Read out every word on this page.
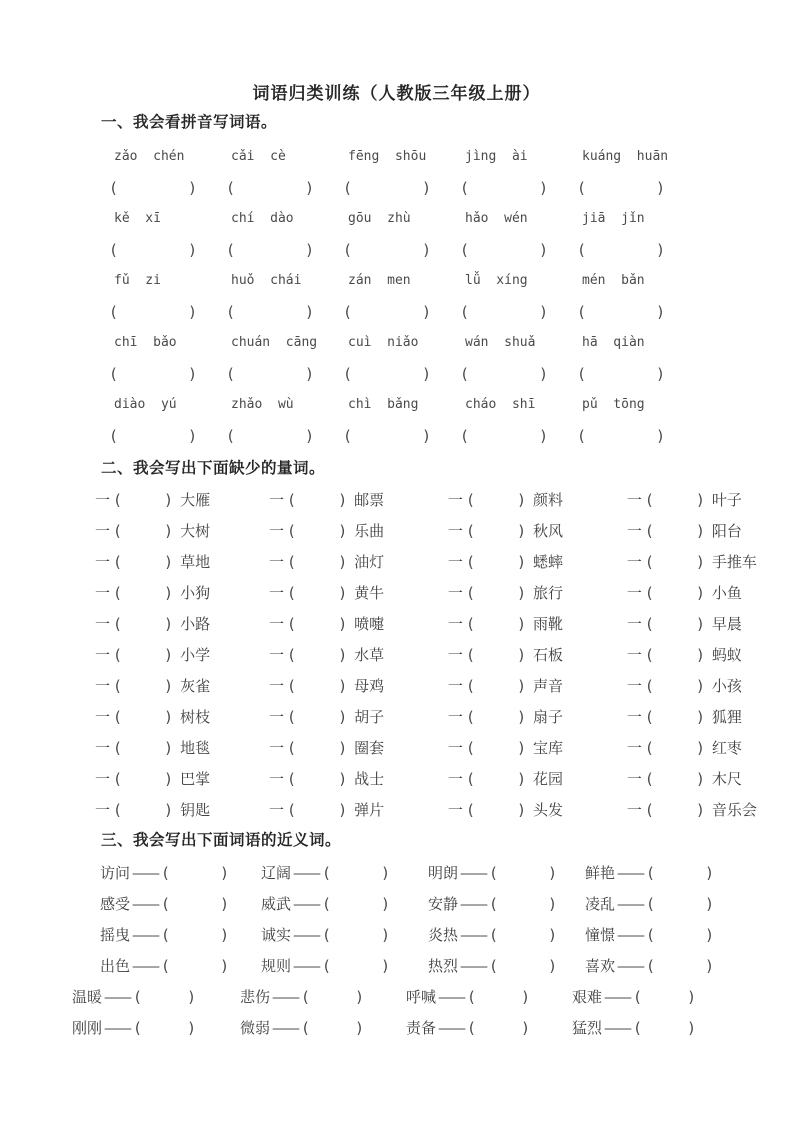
词语归类训练（人教版三年级上册）
一、我会看拼音写词语。
zǎo  chén	cǎi  cè	fēng  shōu	jìng  ài	kuáng  huān
(	) (	) (	) (	) (	)
kě  xī	chí  dào	gōu  zhù	hǎo  wén	jiā  jǐn
(	) (	) (	) (	) (	)
fǔ  zi	huǒ  chái	zán  men	lǚ  xíng	mén  bǎn
(	) (	) (	) (	) (	)
chī  bǎo	chuán  cāng	cuì  niǎo	wán  shuǎ	hā  qiàn
(	) (	) (	) (	) (	)
diào  yú	zhǎo  wù	chì  bǎng	cháo  shī	pǔ  tōng
(	) (	) (	) (	) (	)
二、我会写出下面缺少的量词。
一 (	) 大雁	一 (	) 邮票	一 (	) 颜料	一 (	) 叶子
一 (	) 大树	一 (	) 乐曲	一 (	) 秋风	一 (	) 阳台
一 (	) 草地	一 (	) 油灯	一 (	) 蟋蟀	一 (	) 手推车
一 (	) 小狗	一 (	) 黄牛	一 (	) 旅行	一 (	) 小鱼
一 (	) 小路	一 (	) 喷嚏	一 (	) 雨靴	一 (	) 早晨
一 (	) 小学	一 (	) 水草	一 (	) 石板	一 (	) 蚂蚁
一 (	) 灰雀	一 (	) 母鸡	一 (	) 声音	一 (	) 小孩
一 (	) 树枝	一 (	) 胡子	一 (	) 扇子	一 (	) 狐狸
一 (	) 地毯	一 (	) 圈套	一 (	) 宝库	一 (	) 红枣
一 (	) 巴掌	一 (	) 战士	一 (	) 花园	一 (	) 木尺
一 (	) 钥匙	一 (	) 弹片	一 (	) 头发	一 (	) 音乐会
三、我会写出下面词语的近义词。
访问 —— (	) 辽阔 —— (	)	明朗 —— (	) 鲜艳 —— (	)
感受 —— (	) 威武 —— (	)	安静 —— (	) 凌乱 —— (	)
摇曳 —— (	) 诚实 —— (	)	炎热 —— (	) 憧憬 —— (	)
出色 —— (	) 规则 —— (	)	热烈 —— (	) 喜欢 —— (	)
温暖 —— (	)	悲伤 —— (	)	呼喊 —— (	)	艰难 —— (	)
刚刚 —— (	)	微弱 —— (	)	责备 —— (	)	猛烈 —— (	)
